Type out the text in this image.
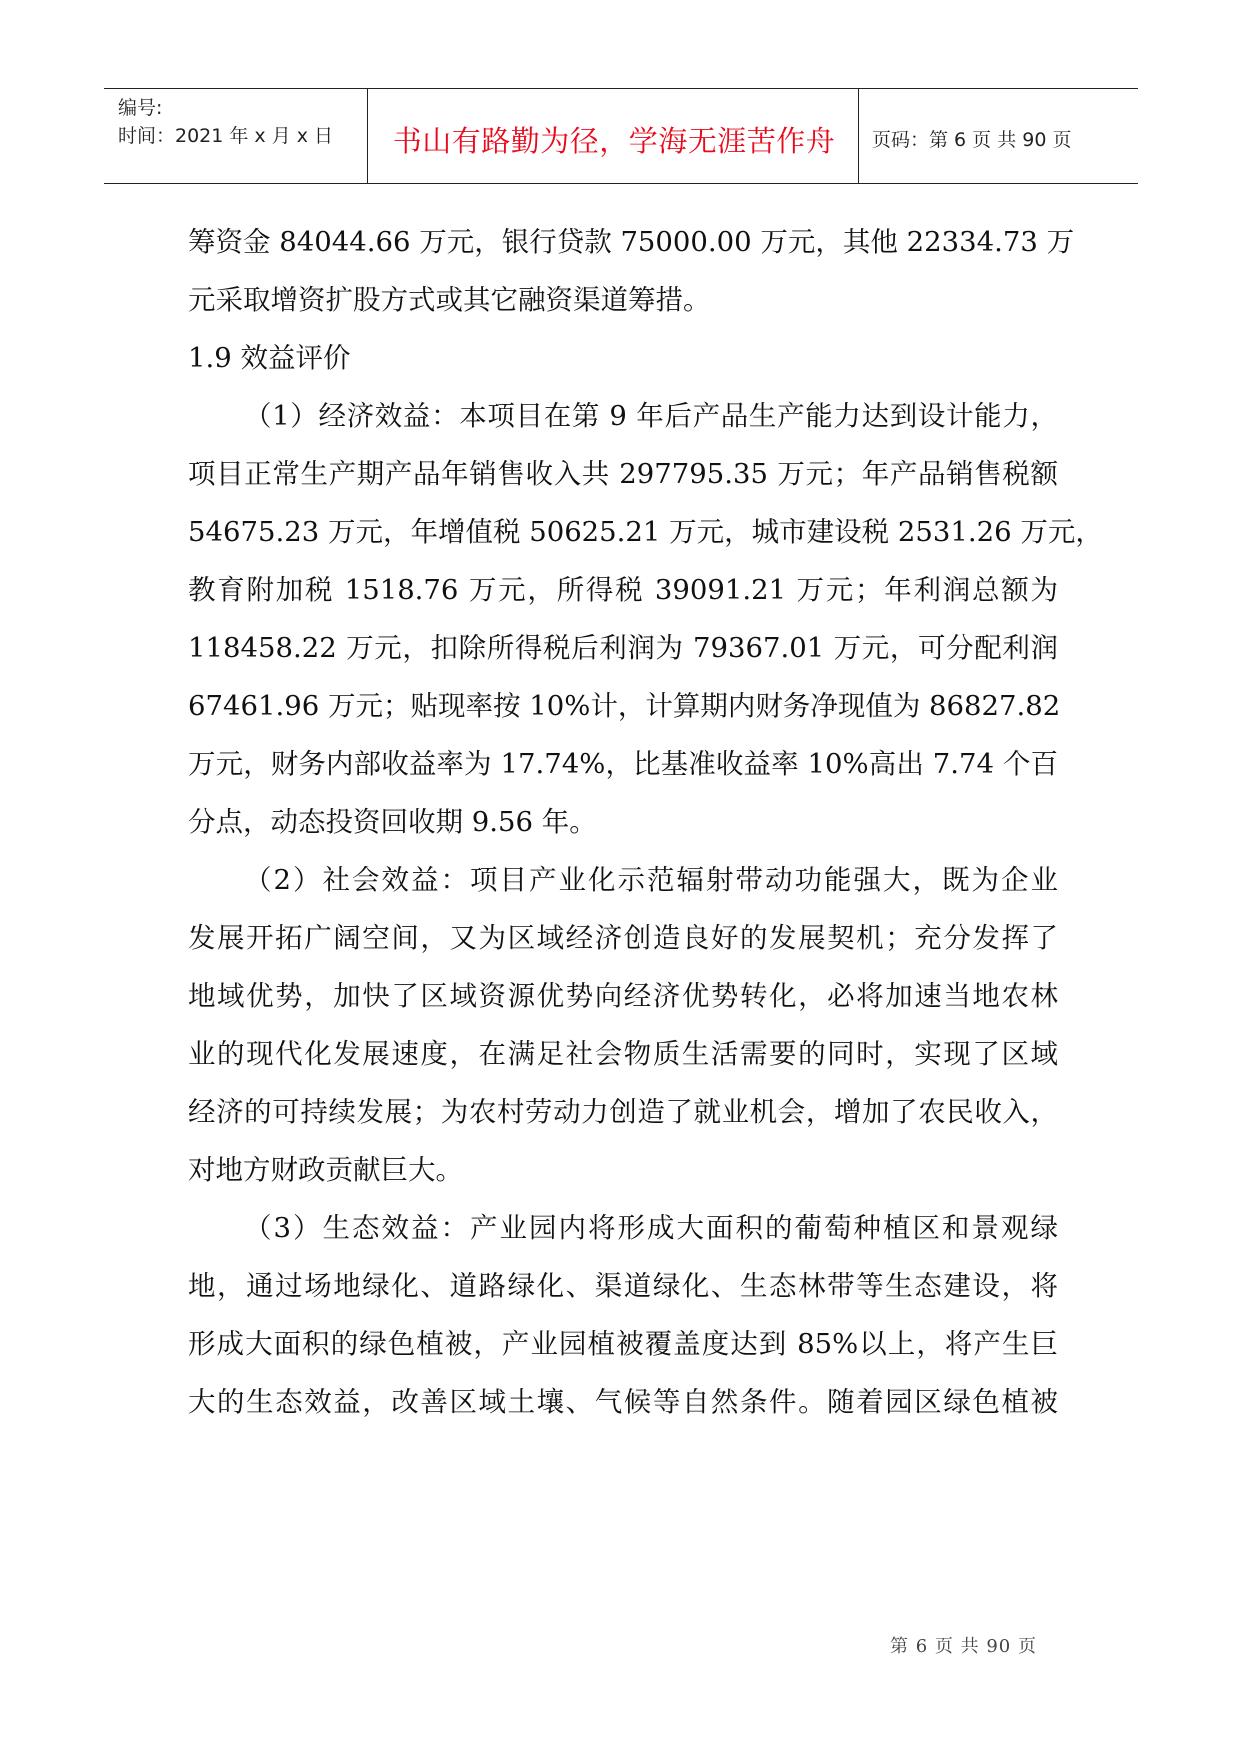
编号:
时间：2021 年 x 月 x 日	书山有路勤为径，学海无涯苦作舟	页码：第 6 页 共 90 页
筹资金 84044.66 万元，银行贷款 75000.00 万元，其他 22334.73 万
元采取增资扩股方式或其它融资渠道筹措。
1.9 效益评价
（1）经济效益：本项目在第 9 年后产品生产能力达到设计能力，
项目正常生产期产品年销售收入共 297795.35 万元；年产品销售税额
54675.23 万元，年增值税 50625.21 万元，城市建设税 2531.26 万元，
教育附加税 1518.76 万元，所得税 39091.21 万元；年利润总额为
118458.22 万元，扣除所得税后利润为 79367.01 万元，可分配利润
67461.96 万元；贴现率按 10%计，计算期内财务净现值为 86827.82
万元，财务内部收益率为 17.74%，比基准收益率 10%高出 7.74 个百
分点，动态投资回收期 9.56 年。
（2）社会效益：项目产业化示范辐射带动功能强大，既为企业
发展开拓广阔空间，又为区域经济创造良好的发展契机；充分发挥了
地域优势，加快了区域资源优势向经济优势转化，必将加速当地农林
业的现代化发展速度，在满足社会物质生活需要的同时，实现了区域
经济的可持续发展；为农村劳动力创造了就业机会，增加了农民收入，
对地方财政贡献巨大。
（3）生态效益：产业园内将形成大面积的葡萄种植区和景观绿
地，通过场地绿化、道路绿化、渠道绿化、生态林带等生态建设，将
形成大面积的绿色植被，产业园植被覆盖度达到 85%以上，将产生巨
大的生态效益，改善区域土壤、气候等自然条件。随着园区绿色植被
第 6 页 共 90 页
